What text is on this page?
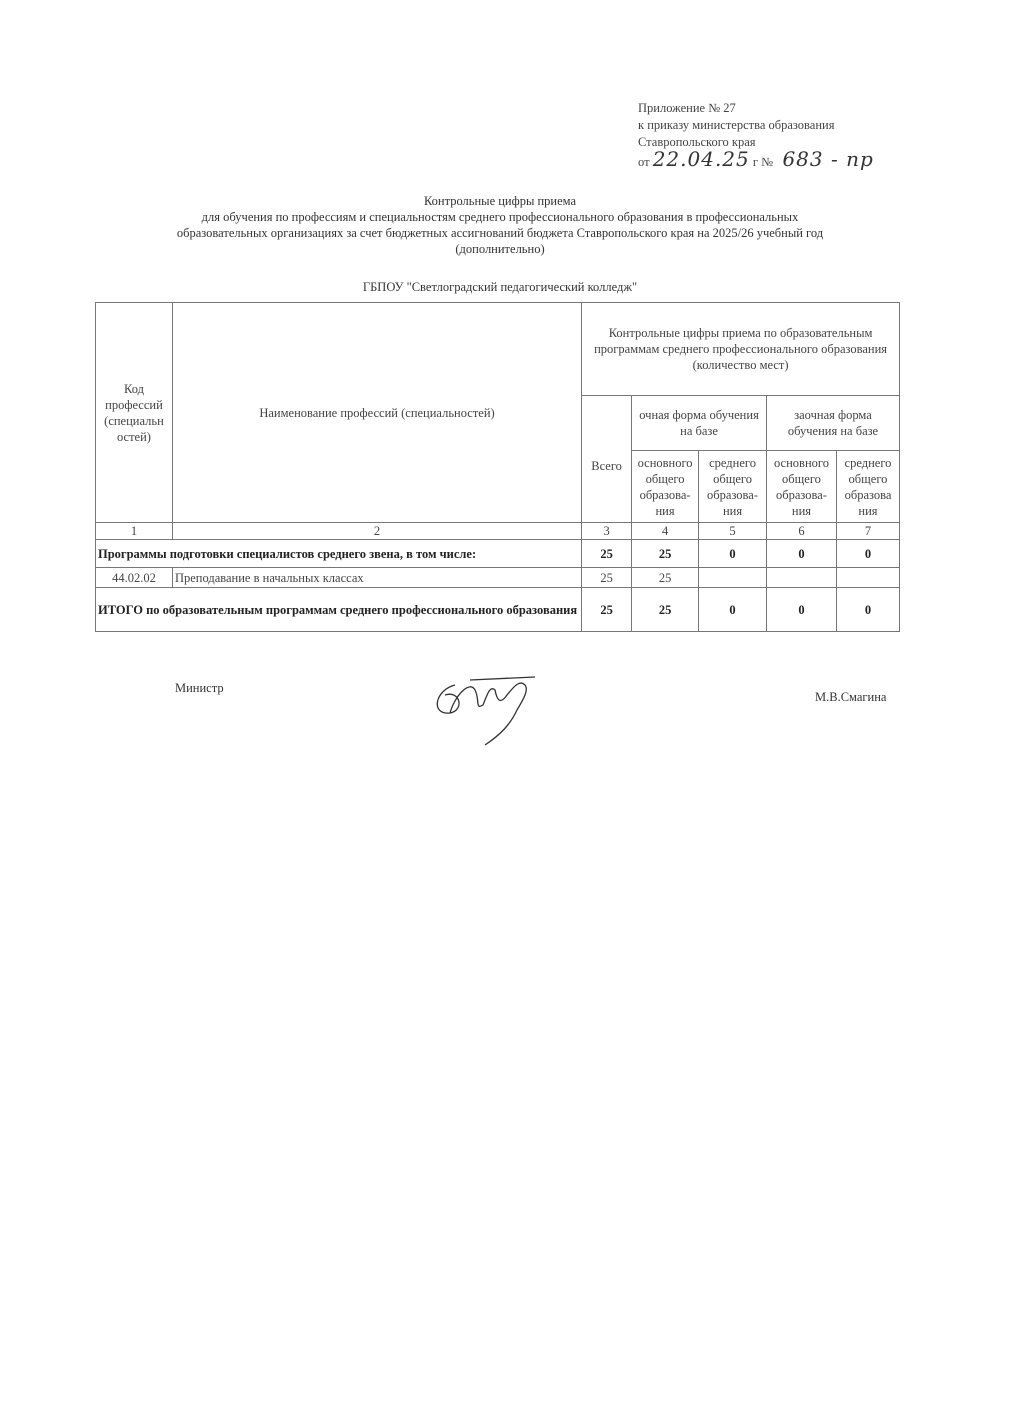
Приложение № 27
к приказу министерства образования
Ставропольского края
от 22.04.25 г № 683 - пр
Контрольные цифры приема
для обучения по профессиям и специальностям среднего профессионального образования в профессиональных
образовательных организациях за счет бюджетных ассигнований бюджета Ставропольского края на 2025/26 учебный год
(дополнительно)
ГБПОУ "Светлоградский педагогический колледж"
Код профессий (специальн остей)	Наименование профессий (специальностей)	Контрольные цифры приема по образовательным программам среднего профессионального образования (количество мест)				
		Всего	очная форма обучения на базе		заочная форма обучения на базе	
			основного общего образова-ния	среднего общего образова-ния	основного общего образова-ния	среднего общего образова ния
1	2	3	4	5	6	7
Программы подготовки специалистов среднего звена, в том числе:		25	25	0	0	0
44.02.02	Преподавание в начальных классах	25	25			
ИТОГО по образовательным программам среднего профессионального образования		25	25	0	0	0
Министр
М.В.Смагина
